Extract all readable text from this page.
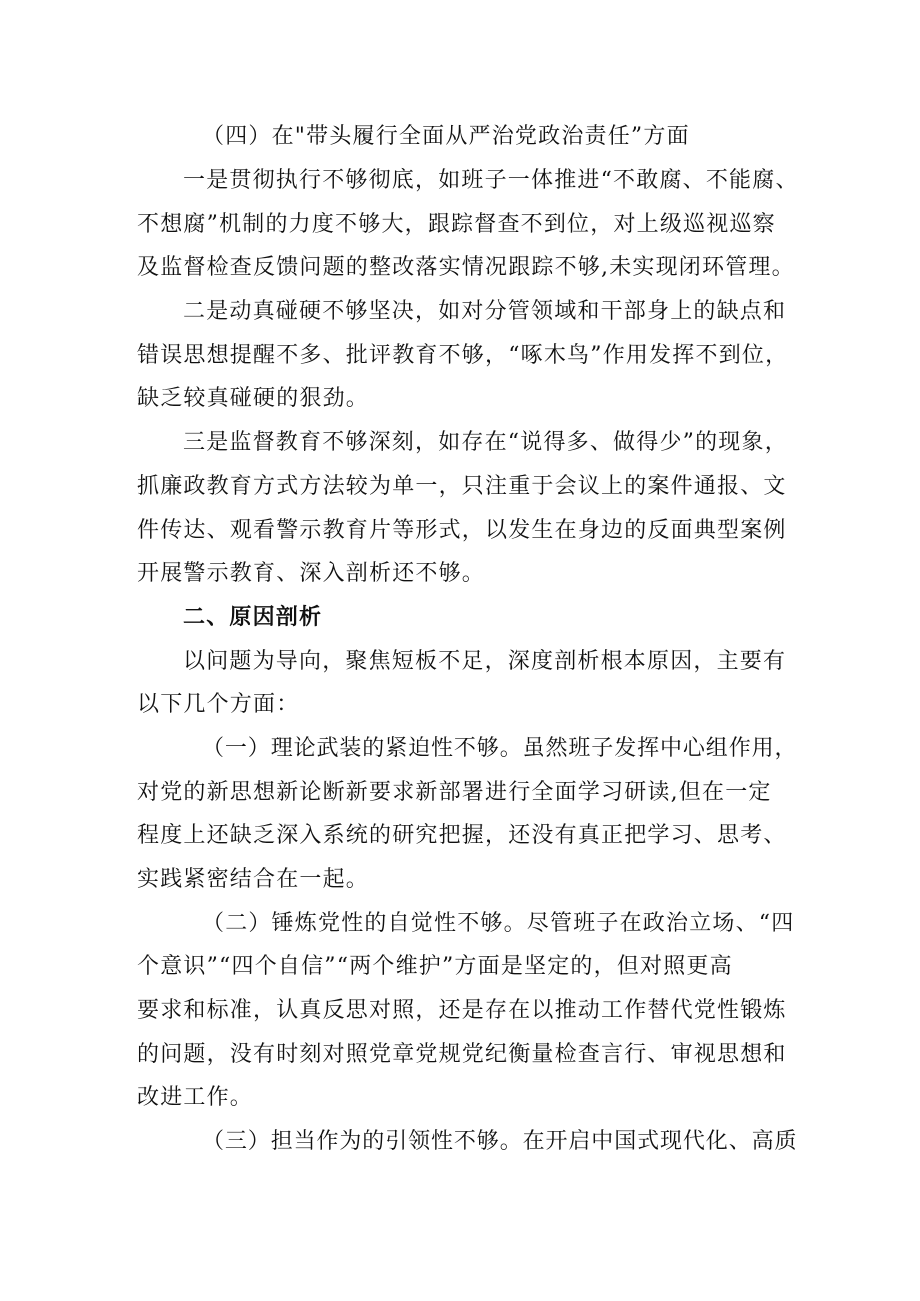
（四）在"带头履行全面从严治党政治责任”方面
一是贯彻执行不够彻底，如班子一体推进“不敢腐、不能腐、
不想腐”机制的力度不够大，跟踪督查不到位，对上级巡视巡察
及监督检查反馈问题的整改落实情况跟踪不够,未实现闭环管理。
二是动真碰硬不够坚决，如对分管领域和干部身上的缺点和
错误思想提醒不多、批评教育不够，“啄木鸟”作用发挥不到位，
缺乏较真碰硬的狠劲。
三是监督教育不够深刻，如存在“说得多、做得少”的现象，
抓廉政教育方式方法较为单一，只注重于会议上的案件通报、文
件传达、观看警示教育片等形式，以发生在身边的反面典型案例
开展警示教育、深入剖析还不够。
二、原因剖析
以问题为导向，聚焦短板不足，深度剖析根本原因，主要有
以下几个方面：
（一）理论武装的紧迫性不够。虽然班子发挥中心组作用，
对党的新思想新论断新要求新部署进行全面学习研读,但在一定
程度上还缺乏深入系统的研究把握，还没有真正把学习、思考、
实践紧密结合在一起。
（二）锤炼党性的自觉性不够。尽管班子在政治立场、“四
个意识”“四个自信”“两个维护”方面是坚定的，但对照更高
要求和标准，认真反思对照，还是存在以推动工作替代党性锻炼
的问题，没有时刻对照党章党规党纪衡量检查言行、审视思想和
改进工作。
（三）担当作为的引领性不够。在开启中国式现代化、高质
